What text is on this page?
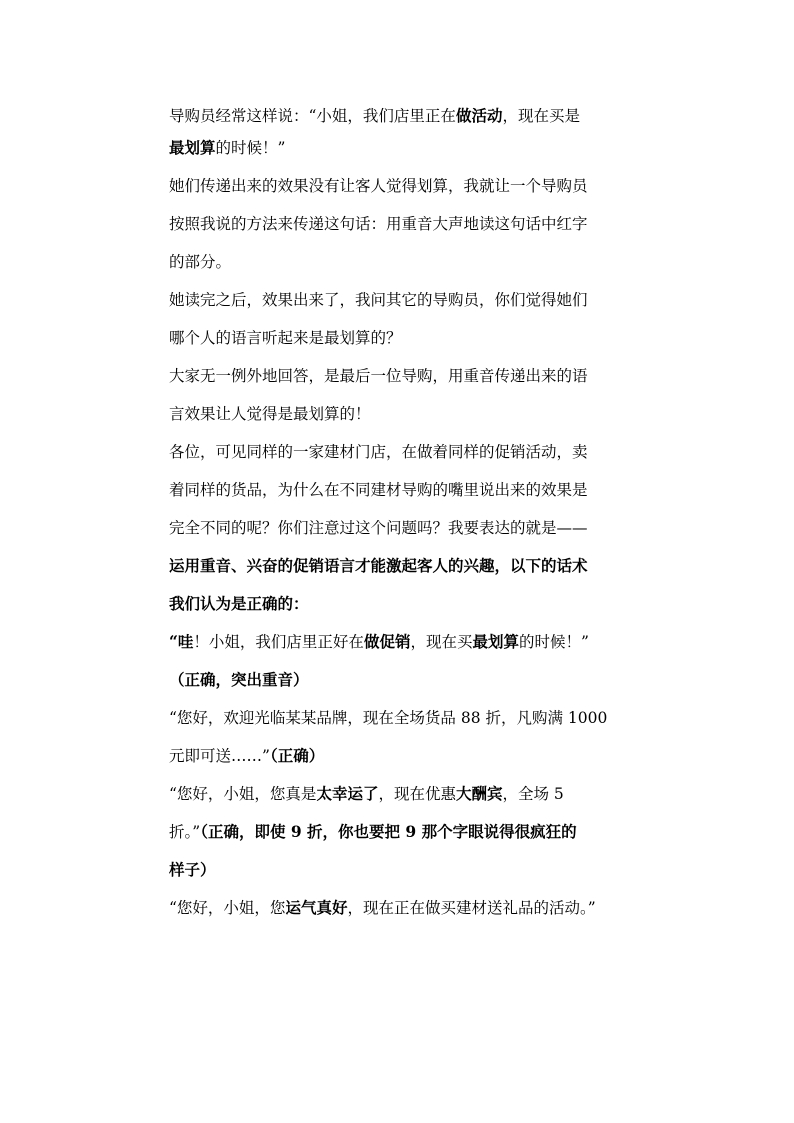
导购员经常这样说：“小姐，我们店里正在做活动，现在买是
最划算的时候！”
她们传递出来的效果没有让客人觉得划算，我就让一个导购员
按照我说的方法来传递这句话：用重音大声地读这句话中红字
的部分。
她读完之后，效果出来了，我问其它的导购员，你们觉得她们
哪个人的语言听起来是最划算的？
大家无一例外地回答，是最后一位导购，用重音传递出来的语
言效果让人觉得是最划算的！
各位，可见同样的一家建材门店，在做着同样的促销活动，卖
着同样的货品，为什么在不同建材导购的嘴里说出来的效果是
完全不同的呢？你们注意过这个问题吗？我要表达的就是——
运用重音、兴奋的促销语言才能激起客人的兴趣，以下的话术
我们认为是正确的：
“哇！小姐，我们店里正好在做促销，现在买最划算的时候！”
（正确，突出重音）
“您好，欢迎光临某某品牌，现在全场货品 88 折，凡购满 1000
元即可送……”（正确）
“您好，小姐，您真是太幸运了，现在优惠大酬宾，全场 5
折。”（正确，即使 9 折，你也要把 9 那个字眼说得很疯狂的
样子）
“您好，小姐，您运气真好，现在正在做买建材送礼品的活动。”
